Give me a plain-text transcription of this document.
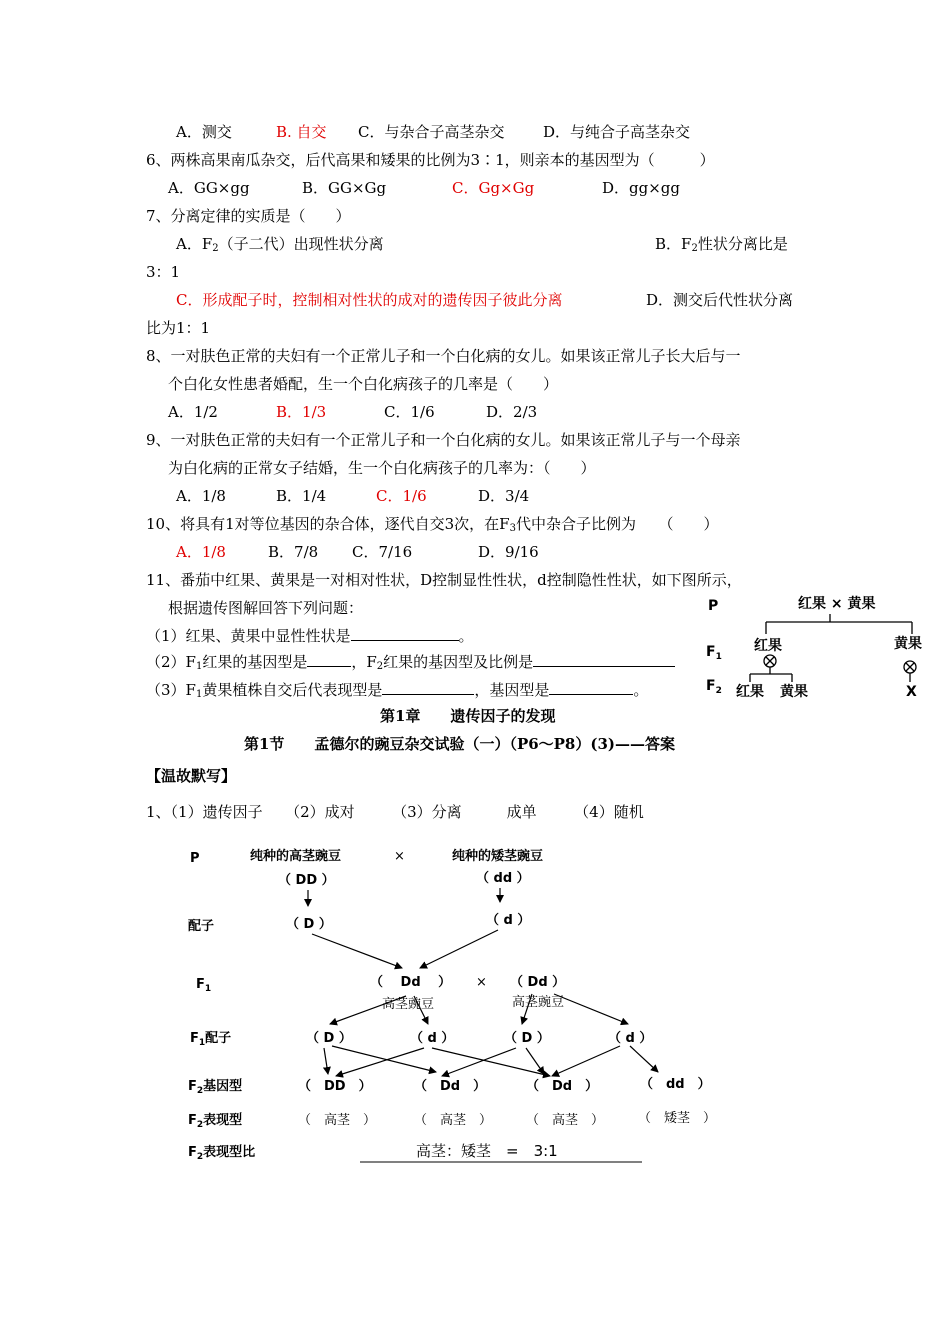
A．测交	B. 自交 C．与杂合子高茎杂交	D．与纯合子高茎杂交
6、两株高果南瓜杂交，后代高果和矮果的比例为3∶1，则亲本的基因型为（　　　）
A．GG×gg	B．GG×Gg	C．Gg×Gg	D．gg×gg
7、分离定律的实质是（　　）
A．$F_2$（子二代）出现性状分离	B．$F_2$性状分离比是
3：1
C．形成配子时，控制相对性状的成对的遗传因子彼此分离	D．测交后代性状分离
比为1：1
8、一对肤色正常的夫妇有一个正常儿子和一个白化病的女儿。如果该正常儿子长大后与一
个白化女性患者婚配，生一个白化病孩子的几率是（　　）
A．1/2	B．1/3	C．1/6	D．2/3
9、一对肤色正常的夫妇有一个正常儿子和一个白化病的女儿。如果该正常儿子与一个母亲
为白化病的正常女子结婚，生一个白化病孩子的几率为：（　　）
A．1/8	B．1/4	C．1/6	D．3/4
10、将具有1对等位基因的杂合体，逐代自交3次，在$F_3$代中杂合子比例为　　（　　）
A．1/8	B．7/8 C．7/16	D．9/16
11、番茄中红果、黄果是一对相对性状，D控制显性性状，d控制隐性性状，如下图所示，
根据遗传图解回答下列问题：
（1）红果、黄果中显性性状是	。
$(2)F_1$红果的基因型是	，$F_2$红果的基因型及比例是
$(3)F_1$黄果植株自交后代表现型是	，基因型是	。
P	红果 × 黄果
$F_1$
$F_2$
红果	黄果
红果 黄果	X
第1章　　遗传因子的发现
第1节　　孟德尔的豌豆杂交试验（一）（P6～P8）(3)——答案
【温故默写】
1、（1）遗传因子　　（2）成对　　　（3）分离　　　成单　　　（4）随机
P
配子
$F_1$
$F_1$配子
$F_2$基因型
$F_2$表现型
$F_2$表现型比
纯种的高茎豌豆	×	纯种的矮茎豌豆
（ DD ）	（ dd ）
（ D ）	（ d ）
（　 Dd　 ） × （ Dd ）
高茎豌豆	高茎豌豆
（ D ）	（ d ）	（ D ）	（ d ）
（　DD　）	（　Dd　）	（　Dd　）	（　dd　）
（　高茎　）	（　高茎　）	（　高茎　）	（　矮茎　）
高茎：矮茎　=　3:1
